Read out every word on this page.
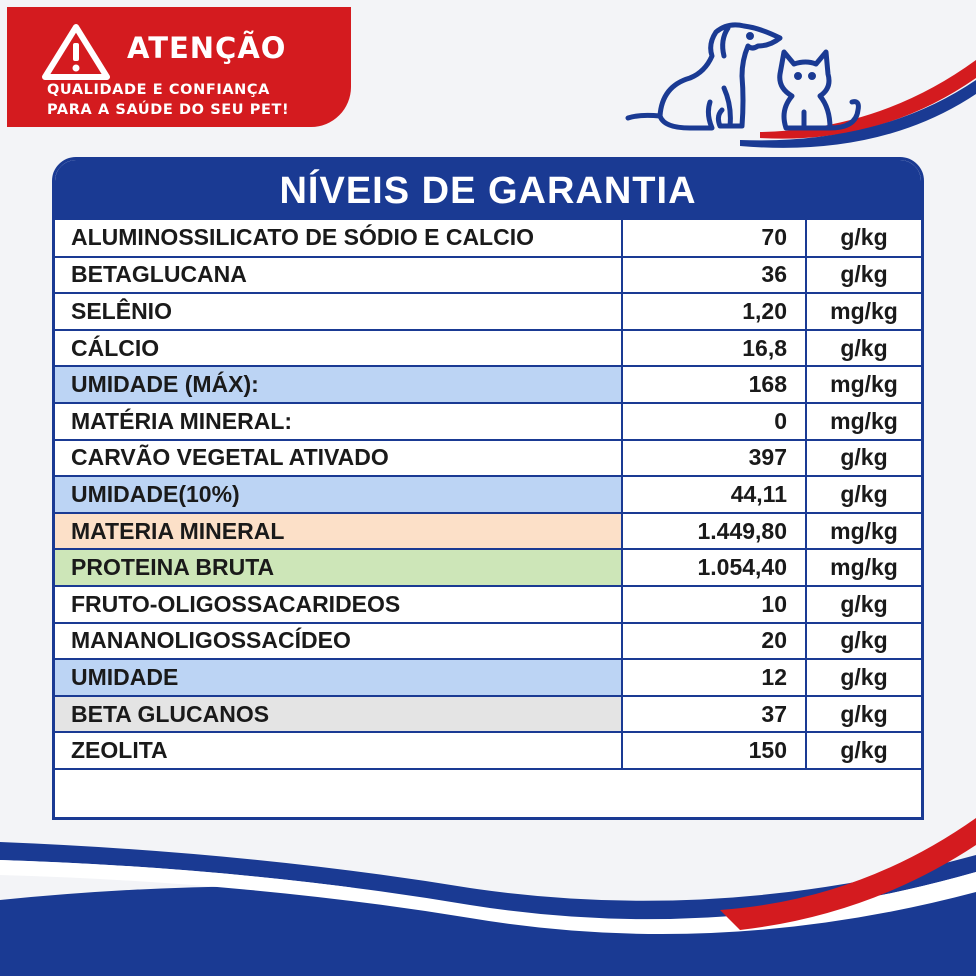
ATENÇÃO
QUALIDADE E CONFIANÇA
PARA A SAÚDE DO SEU PET!
NÍVEIS DE GARANTIA
ALUMINOSSILICATO DE SÓDIO E CALCIO	70	g/kg
BETAGLUCANA	36	g/kg
SELÊNIO	1,20	mg/kg
CÁLCIO	16,8	g/kg
UMIDADE (MÁX):	168	mg/kg
MATÉRIA MINERAL:	0	mg/kg
CARVÃO VEGETAL ATIVADO	397	g/kg
UMIDADE(10%)	44,11	g/kg
MATERIA MINERAL	1.449,80	mg/kg
PROTEINA BRUTA	1.054,40	mg/kg
FRUTO-OLIGOSSACARIDEOS	10	g/kg
MANANOLIGOSSACÍDEO	20	g/kg
UMIDADE	12	g/kg
BETA GLUCANOS	37	g/kg
ZEOLITA	150	g/kg
